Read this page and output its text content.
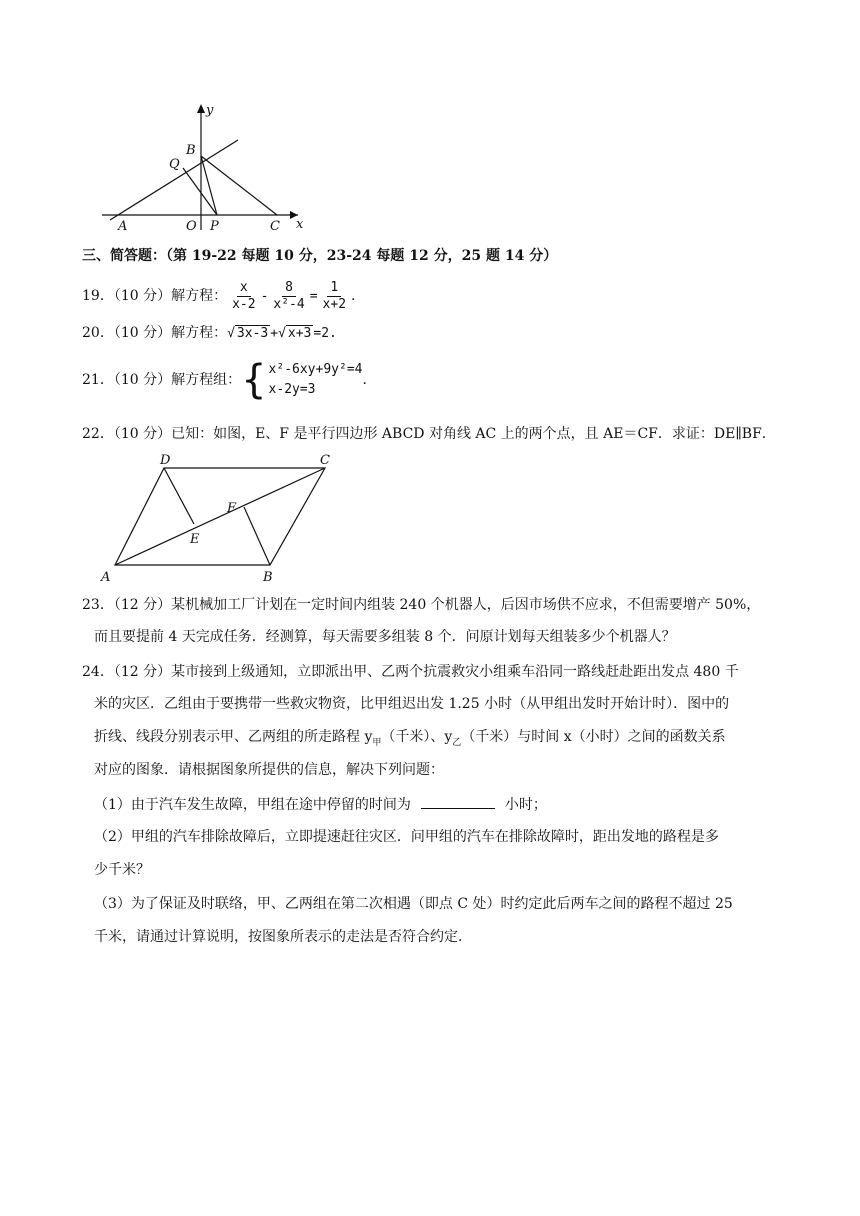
y
B
Q
A	O P	C x
三、简答题：（第 19-22 每题 10 分，23-24 每题 12 分，25 题 14 分）
19．（10 分）解方程： $\frac{x}{x-2} - \frac{8}{\text{x²-4}} = \frac{1}{x+2}$ .
20．（10 分）解方程：√ 3x-3 +√ x+3 =2.
21．（10 分）解方程组： { x²-6xy+9y²=4
x-2y=3
.
22．（10 分）已知：如图，E、F 是平行四边形 ABCD 对角线 AC 上的两个点，且 AE＝CF．求证：DE∥BF．
D	C
F
E
A	B
23．（12 分）某机械加工厂计划在一定时间内组装 240 个机器人，后因市场供不应求，不但需要增产 50%，
而且要提前 4 天完成任务．经测算，每天需要多组装 8 个．问原计划每天组装多少个机器人？
24．（12 分）某市接到上级通知，立即派出甲、乙两个抗震救灾小组乘车沿同一路线赶赴距出发点 480 千
米的灾区．乙组由于要携带一些救灾物资，比甲组迟出发 1.25 小时（从甲组出发时开始计时）．图中的
折线、线段分别表示甲、乙两组的所走路程 $y_甲$（千米）、$y_乙$（千米）与时间 x（小时）之间的函数关系
对应的图象．请根据图象所提供的信息，解决下列问题：
（1）由于汽车发生故障，甲组在途中停留的时间为	小时；
（2）甲组的汽车排除故障后，立即提速赶往灾区．问甲组的汽车在排除故障时，距出发地的路程是多
少千米？
（3）为了保证及时联络，甲、乙两组在第二次相遇（即点 C 处）时约定此后两车之间的路程不超过 25
千米，请通过计算说明，按图象所表示的走法是否符合约定．
